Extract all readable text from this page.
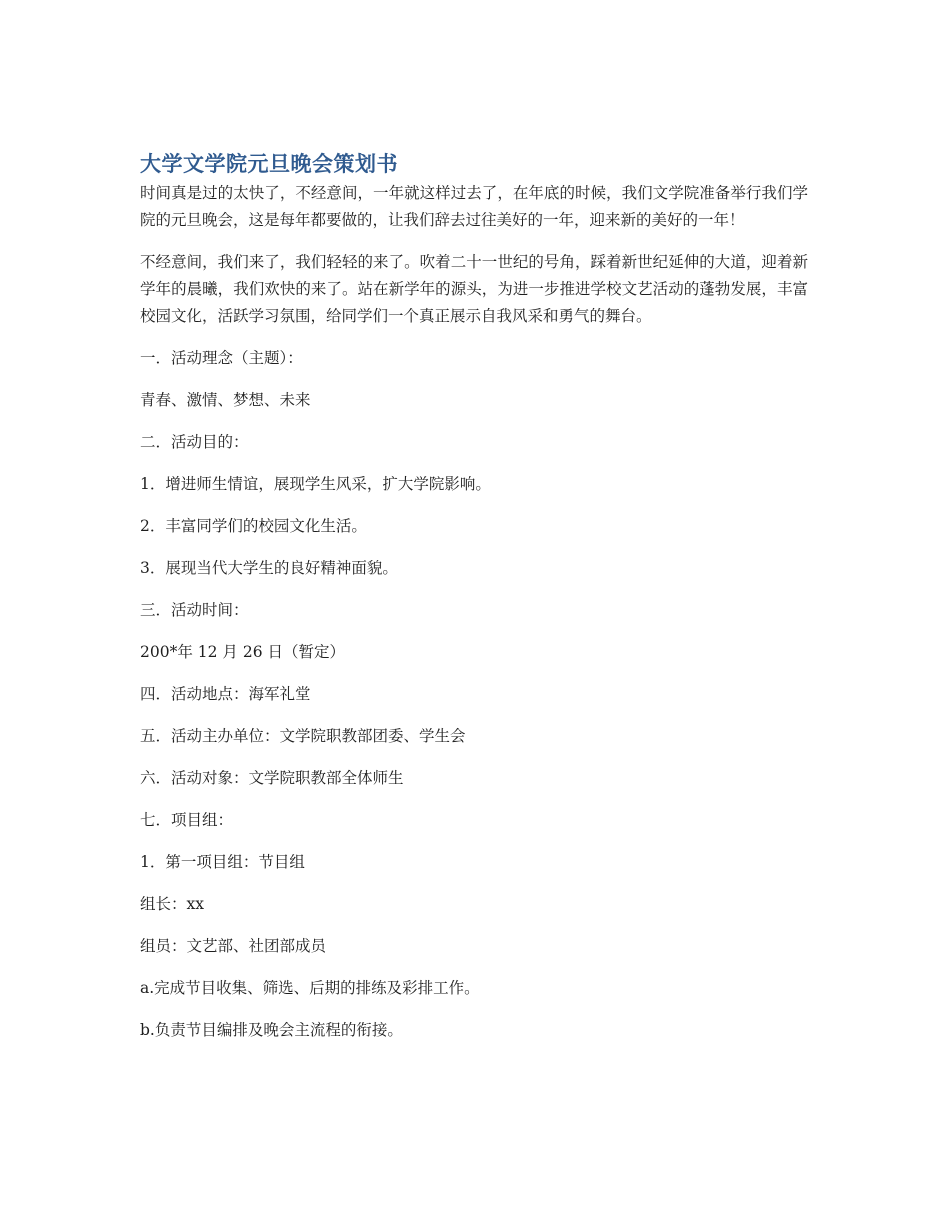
大学文学院元旦晚会策划书

时间真是过的太快了，不经意间，一年就这样过去了，在年底的时候，我们文学院准备举行我们学院的元旦晚会，这是每年都要做的，让我们辞去过往美好的一年，迎来新的美好的一年！

不经意间，我们来了，我们轻轻的来了。吹着二十一世纪的号角，踩着新世纪延伸的大道，迎着新学年的晨曦，我们欢快的来了。站在新学年的源头，为进一步推进学校文艺活动的蓬勃发展，丰富校园文化，活跃学习氛围，给同学们一个真正展示自我风采和勇气的舞台。

一．活动理念（主题）：

青春、激情、梦想、未来

二．活动目的：

1．增进师生情谊，展现学生风采，扩大学院影响。

2．丰富同学们的校园文化生活。

3．展现当代大学生的良好精神面貌。

三．活动时间：

200*年 12 月 26 日（暂定）

四．活动地点：海军礼堂

五．活动主办单位：文学院职教部团委、学生会

六．活动对象：文学院职教部全体师生

七．项目组：

1．第一项目组：节目组

组长：xx

组员：文艺部、社团部成员

a.完成节目收集、筛选、后期的排练及彩排工作。

b.负责节目编排及晚会主流程的衔接。
